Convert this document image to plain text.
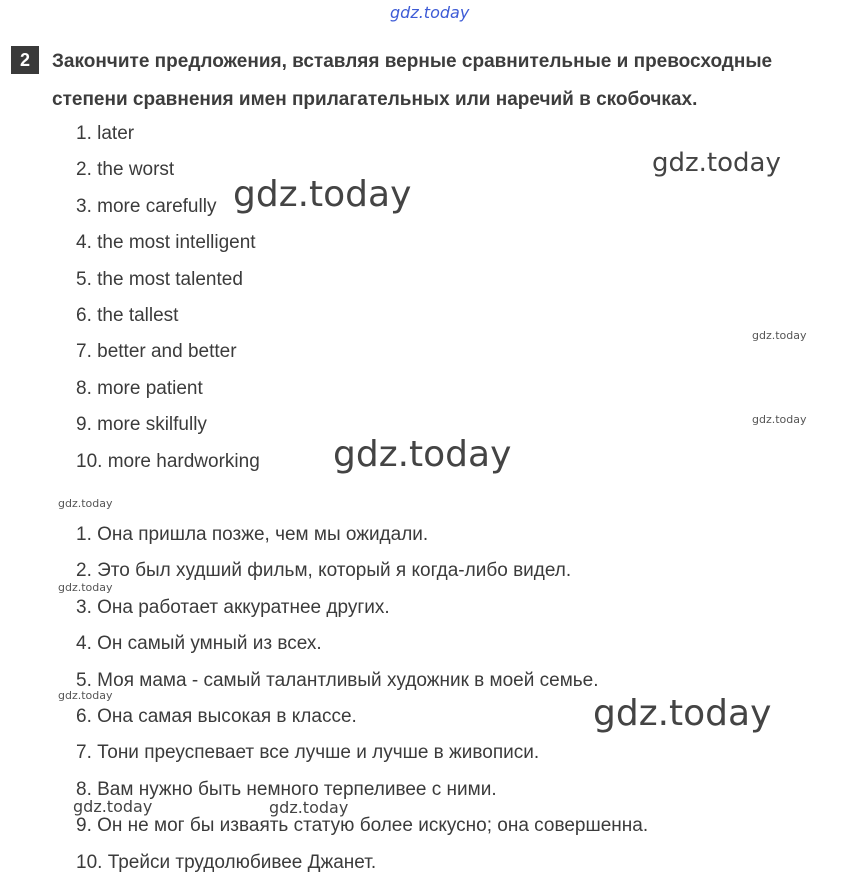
gdz.today
2	Закончите предложения, вставляя верные сравнительные и превосходные
степени сравнения имен прилагательных или наречий в скобочках.
1. later
2. the worst
3. more carefully
4. the most intelligent
5. the most talented
6. the tallest
7. better and better
8. more patient
9. more skilfully
10. more hardworking
1. Она пришла позже, чем мы ожидали.
2. Это был худший фильм, который я когда-либо видел.
3. Она работает аккуратнее других.
4. Он самый умный из всех.
5. Моя мама - самый талантливый художник в моей семье.
6. Она самая высокая в классе.
7. Тони преуспевает все лучше и лучше в живописи.
8. Вам нужно быть немного терпеливее с ними.
9. Он не мог бы изваять статую более искусно; она совершенна.
10. Трейси трудолюбивее Джанет.
gdz.today
gdz.today
gdz.today
gdz.today
gdz.today
gdz.today
gdz.today
gdz.today	gdz.today
gdz.today	gdz.today
